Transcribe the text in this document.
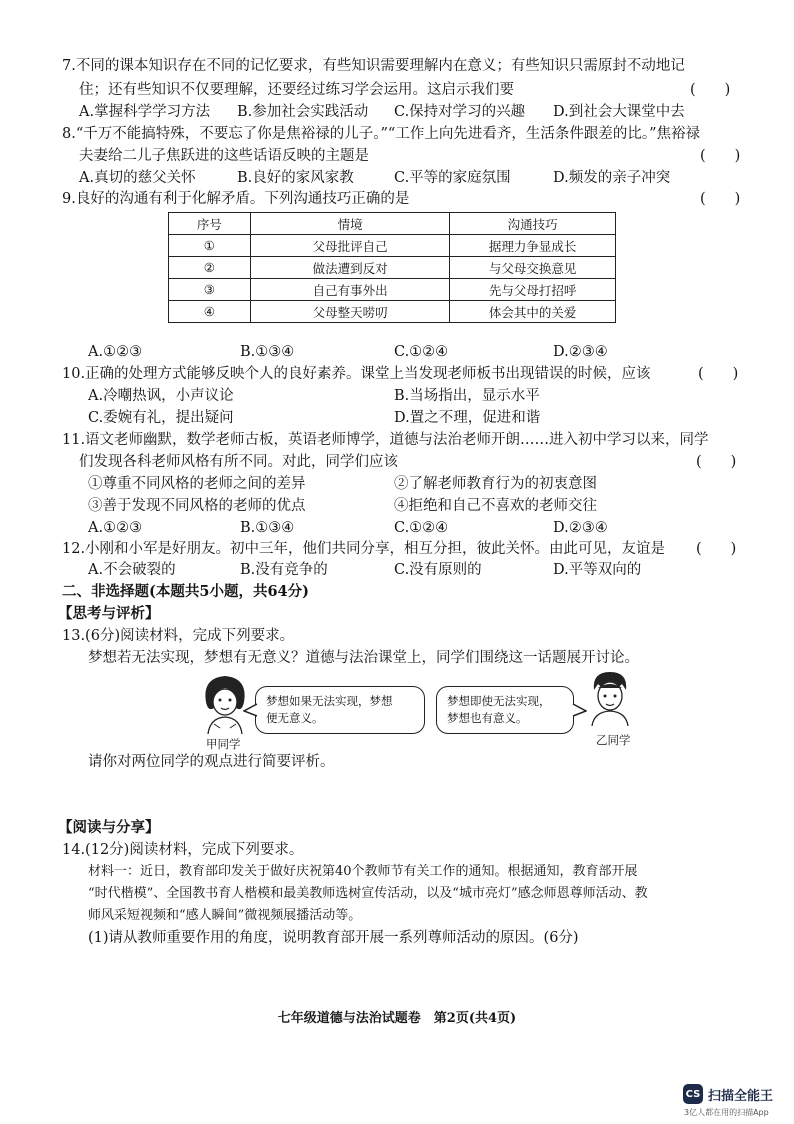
7.不同的课本知识存在不同的记忆要求，有些知识需要理解内在意义；有些知识只需原封不动地记
住；还有些知识不仅要理解，还要经过练习学会运用。这启示我们要	(　　)
A.掌握科学学习方法 B.参加社会实践活动 C.保持对学习的兴趣 D.到社会大课堂中去
8.“千万不能搞特殊，不要忘了你是焦裕禄的儿子。”“工作上向先进看齐，生活条件跟差的比。”焦裕禄
夫妻给二儿子焦跃进的这些话语反映的主题是	(　　)
A.真切的慈父关怀	B.良好的家风家教	C.平等的家庭氛围	D.频发的亲子冲突
9.良好的沟通有利于化解矛盾。下列沟通技巧正确的是	(　　)
序号	情境	沟通技巧
①	父母批评自己	据理力争显成长
②	做法遭到反对	与父母交换意见
③	自己有事外出	先与父母打招呼
④	父母整天唠叨	体会其中的关爱
A.①②③	B.①③④	C.①②④	D.②③④
10.正确的处理方式能够反映个人的良好素养。课堂上当发现老师板书出现错误的时候，应该	(　　)
A.冷嘲热讽，小声议论	B.当场指出，显示水平
C.委婉有礼，提出疑问	D.置之不理，促进和谐
11.语文老师幽默，数学老师古板，英语老师博学，道德与法治老师开朗……进入初中学习以来，同学
们发现各科老师风格有所不同。对此，同学们应该	(　　)
①尊重不同风格的老师之间的差异	②了解老师教育行为的初衷意图
③善于发现不同风格的老师的优点	④拒绝和自己不喜欢的老师交往
A.①②③	B.①③④	C.①②④	D.②③④
12.小刚和小军是好朋友。初中三年，他们共同分享，相互分担，彼此关怀。由此可见，友谊是 (　　)
A.不会破裂的	B.没有竞争的	C.没有原则的	D.平等双向的
二、非选择题(本题共5小题，共64分)
【思考与评析】
13.(6分)阅读材料，完成下列要求。
梦想若无法实现，梦想有无意义？道德与法治课堂上，同学们围绕这一话题展开讨论。
甲同学
梦想如果无法实现，梦想
便无意义。
梦想即使无法实现，
梦想也有意义。
乙同学
请你对两位同学的观点进行简要评析。
【阅读与分享】
14.(12分)阅读材料，完成下列要求。
材料一：近日，教育部印发关于做好庆祝第40个教师节有关工作的通知。根据通知，教育部开展
“时代楷模”、全国教书育人楷模和最美教师选树宣传活动，以及“城市亮灯”感念师恩尊师活动、教
师风采短视频和“感人瞬间”微视频展播活动等。
(1)请从教师重要作用的角度，说明教育部开展一系列尊师活动的原因。(6分)
七年级道德与法治试题卷　第2页(共4页)
CS 扫描全能王
3亿人都在用的扫描App
